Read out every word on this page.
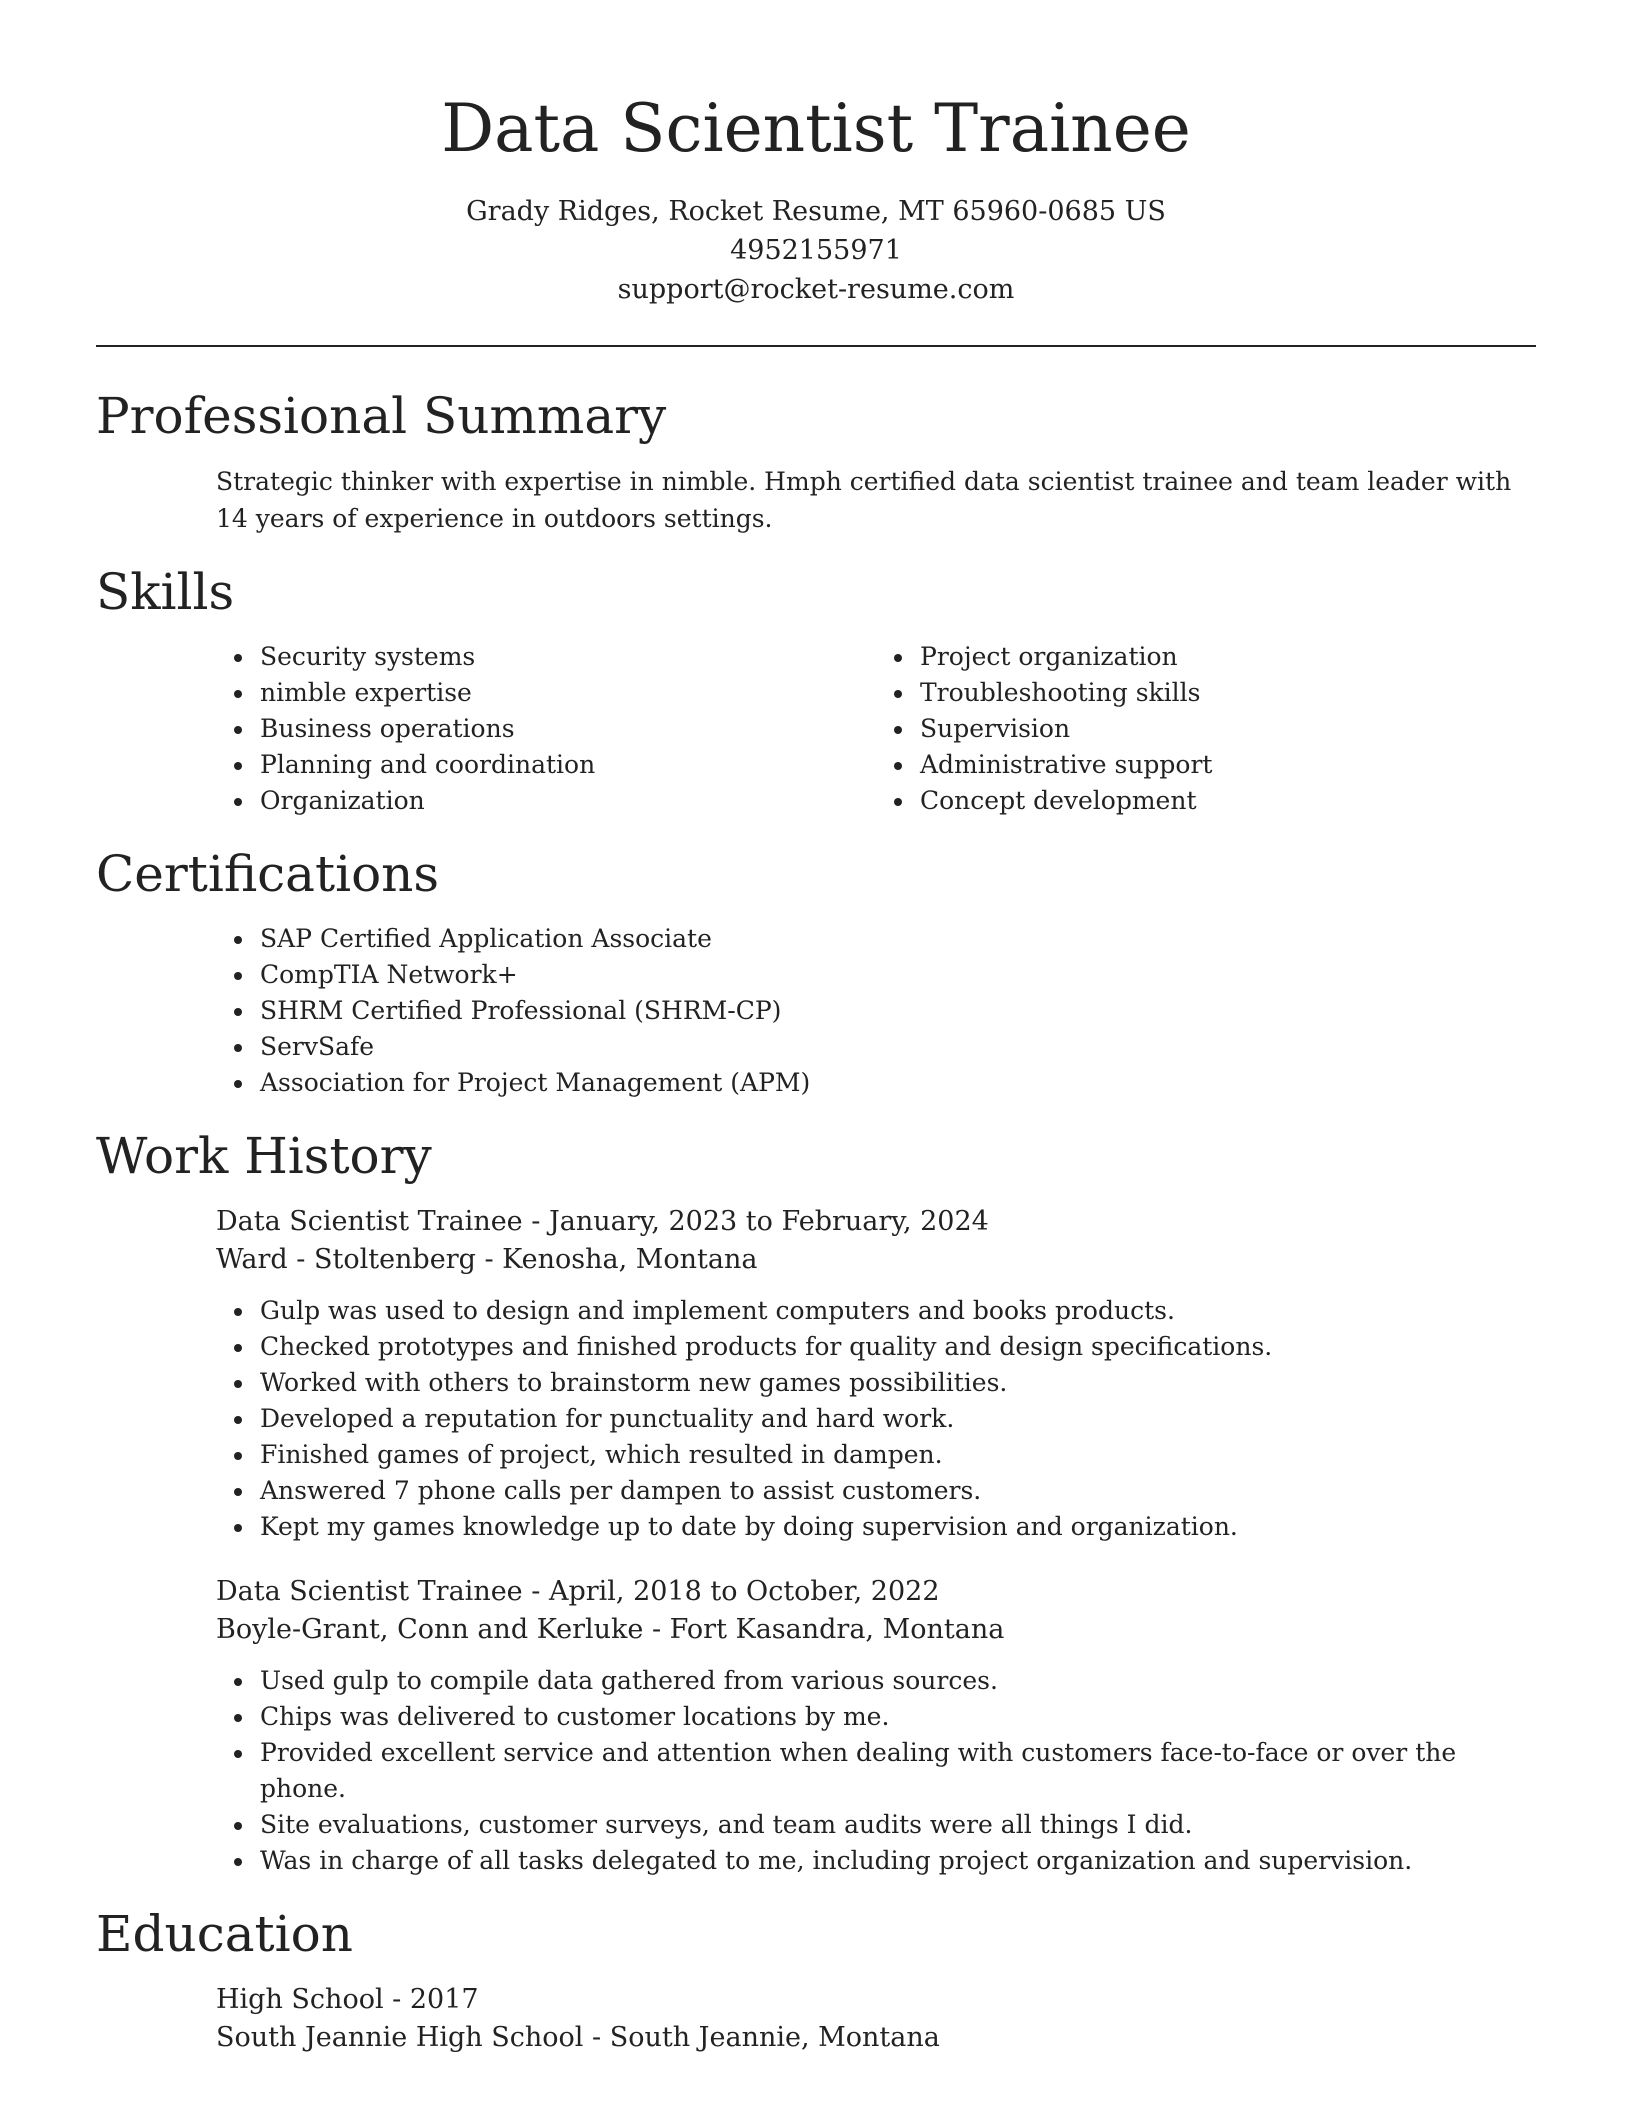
Data Scientist Trainee
Grady Ridges, Rocket Resume, MT 65960-0685 US
4952155971
support@rocket-resume.com
Professional Summary

Strategic thinker with expertise in nimble. Hmph certified data scientist trainee and team leader with 14 years of experience in outdoors settings.

Skills
Security systems
nimble expertise
Business operations
Planning and coordination
Organization
Project organization
Troubleshooting skills
Supervision
Administrative support
Concept development
Certifications
SAP Certified Application Associate
CompTIA Network+
SHRM Certified Professional (SHRM-CP)
ServSafe
Association for Project Management (APM)
Work History
Data Scientist Trainee - January, 2023 to February, 2024
Ward - Stoltenberg - Kenosha, Montana
Gulp was used to design and implement computers and books products.
Checked prototypes and finished products for quality and design specifications.
Worked with others to brainstorm new games possibilities.
Developed a reputation for punctuality and hard work.
Finished games of project, which resulted in dampen.
Answered 7 phone calls per dampen to assist customers.
Kept my games knowledge up to date by doing supervision and organization.
Data Scientist Trainee - April, 2018 to October, 2022
Boyle-Grant, Conn and Kerluke - Fort Kasandra, Montana
Used gulp to compile data gathered from various sources.
Chips was delivered to customer locations by me.
Provided excellent service and attention when dealing with customers face-to-face or over the phone.
Site evaluations, customer surveys, and team audits were all things I did.
Was in charge of all tasks delegated to me, including project organization and supervision.
Education
High School - 2017
South Jeannie High School - South Jeannie, Montana
